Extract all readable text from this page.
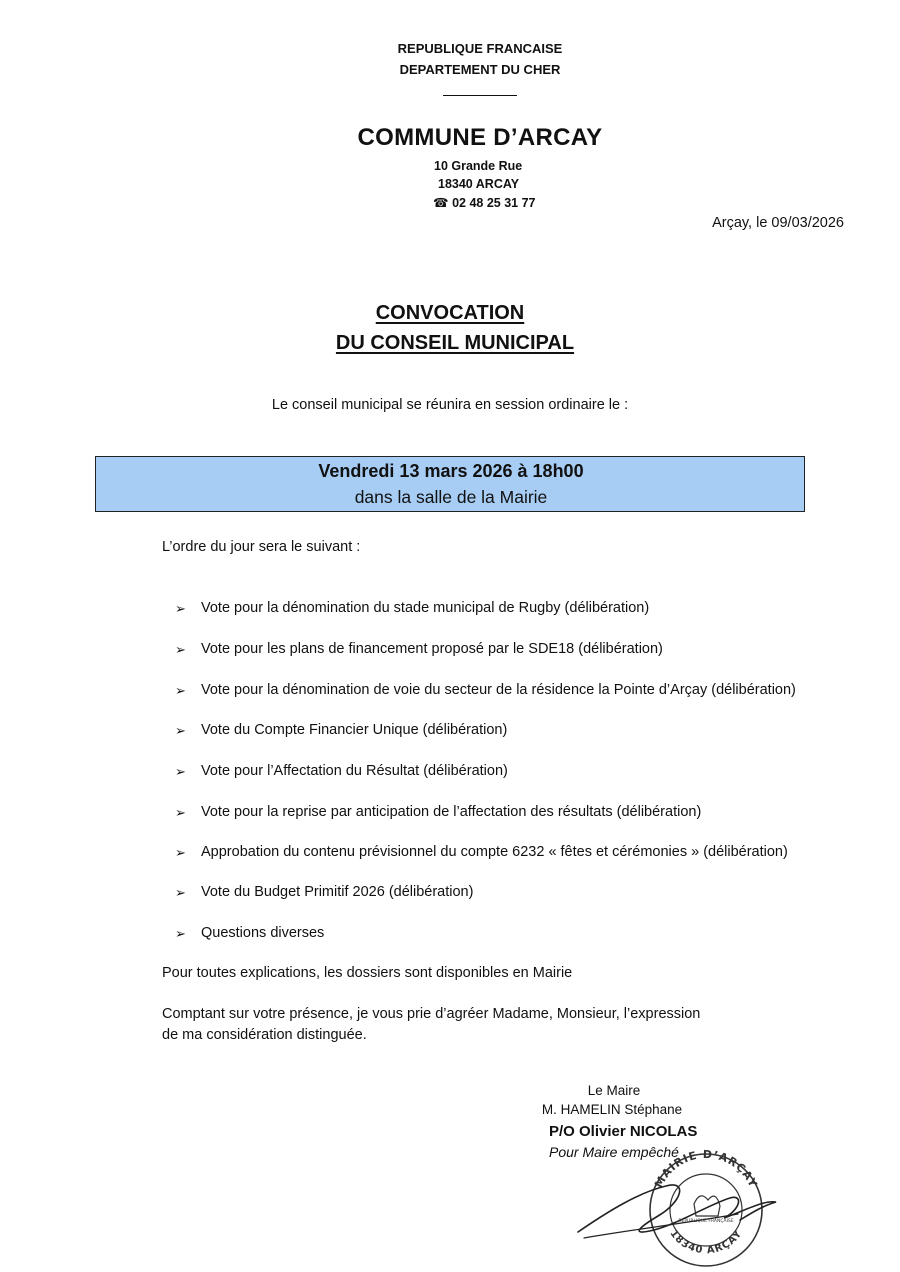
REPUBLIQUE FRANCAISE
DEPARTEMENT DU CHER
COMMUNE D’ARCAY
10 Grande Rue
18340 ARCAY
☎ 02 48 25 31 77
Arçay, le 09/03/2026
CONVOCATION
DU CONSEIL MUNICIPAL
Le conseil municipal se réunira en session ordinaire le :
Vendredi 13 mars 2026 à 18h00
dans la salle de la Mairie
L’ordre du jour sera le suivant :
➢	Vote pour la dénomination du stade municipal de Rugby (délibération)
➢	Vote pour les plans de financement proposé par le SDE18 (délibération)
➢	Vote pour la dénomination de voie du secteur de la résidence la Pointe d’Arçay (délibération)
➢	Vote du Compte Financier Unique (délibération)
➢	Vote pour l’Affectation du Résultat (délibération)
➢	Vote pour la reprise par anticipation de l’affectation des résultats (délibération)
➢	Approbation du contenu prévisionnel du compte 6232 « fêtes et cérémonies » (délibération)
➢	Vote du Budget Primitif 2026 (délibération)
➢	Questions diverses
Pour toutes explications, les dossiers sont disponibles en Mairie
Comptant sur votre présence, je vous prie d’agréer Madame, Monsieur, l’expression
de ma considération distinguée.
Le Maire
M. HAMELIN Stéphane
P/O Olivier NICOLAS
Pour Maire empêché
MAIRIE D’ARÇAY
18340 ARÇAY
RÉPUBLIQUE FRANÇAISE
